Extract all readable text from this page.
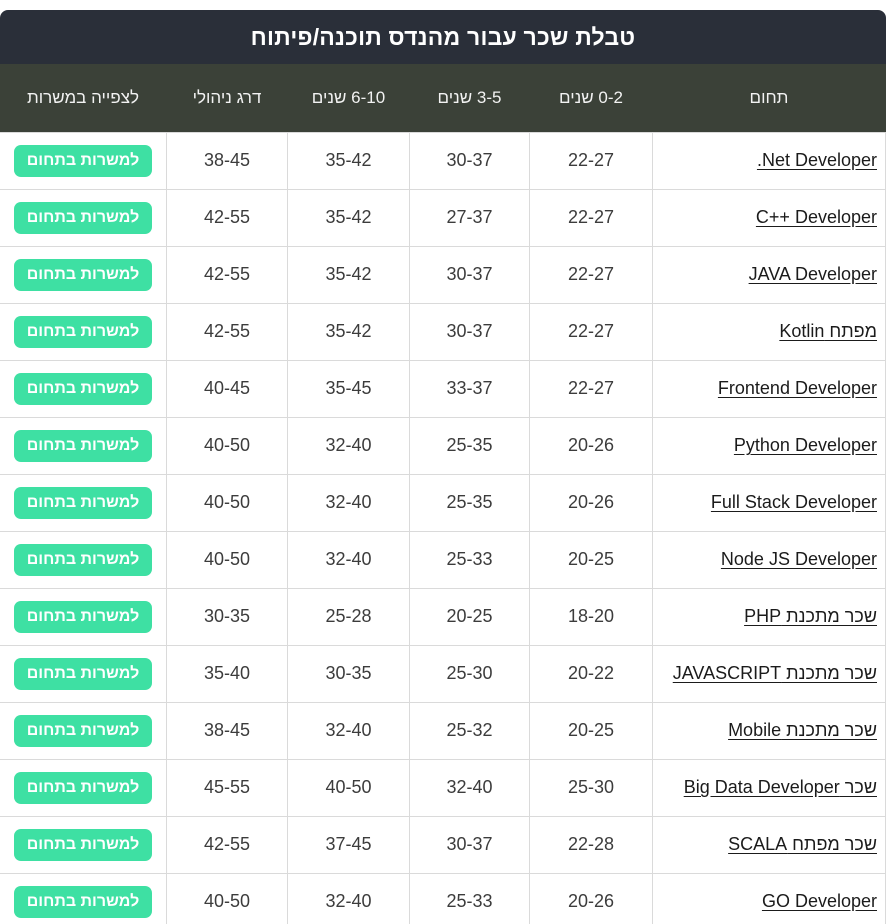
טבלת שכר עבור מהנדס תוכנה/פיתוח
תחום	0-2 שנים	3-5 שנים	6-10 שנים	דרג ניהולי	לצפייה במשרות
.Net Developer	22-27	30-37	35-42	38-45	למשרות בתחום
C++ Developer	22-27	27-37	35-42	42-55	למשרות בתחום
JAVA Developer	22-27	30-37	35-42	42-55	למשרות בתחום
מפתח Kotlin	22-27	30-37	35-42	42-55	למשרות בתחום
Frontend Developer	22-27	33-37	35-45	40-45	למשרות בתחום
Python Developer	20-26	25-35	32-40	40-50	למשרות בתחום
Full Stack Developer	20-26	25-35	32-40	40-50	למשרות בתחום
Node JS Developer	20-25	25-33	32-40	40-50	למשרות בתחום
שכר מתכנת PHP	18-20	20-25	25-28	30-35	למשרות בתחום
שכר מתכנת JAVASCRIPT	20-22	25-30	30-35	35-40	למשרות בתחום
שכר מתכנת Mobile	20-25	25-32	32-40	38-45	למשרות בתחום
שכר Big Data Developer	25-30	32-40	40-50	45-55	למשרות בתחום
שכר מפתח SCALA	22-28	30-37	37-45	42-55	למשרות בתחום
GO Developer	20-26	25-33	32-40	40-50	למשרות בתחום
